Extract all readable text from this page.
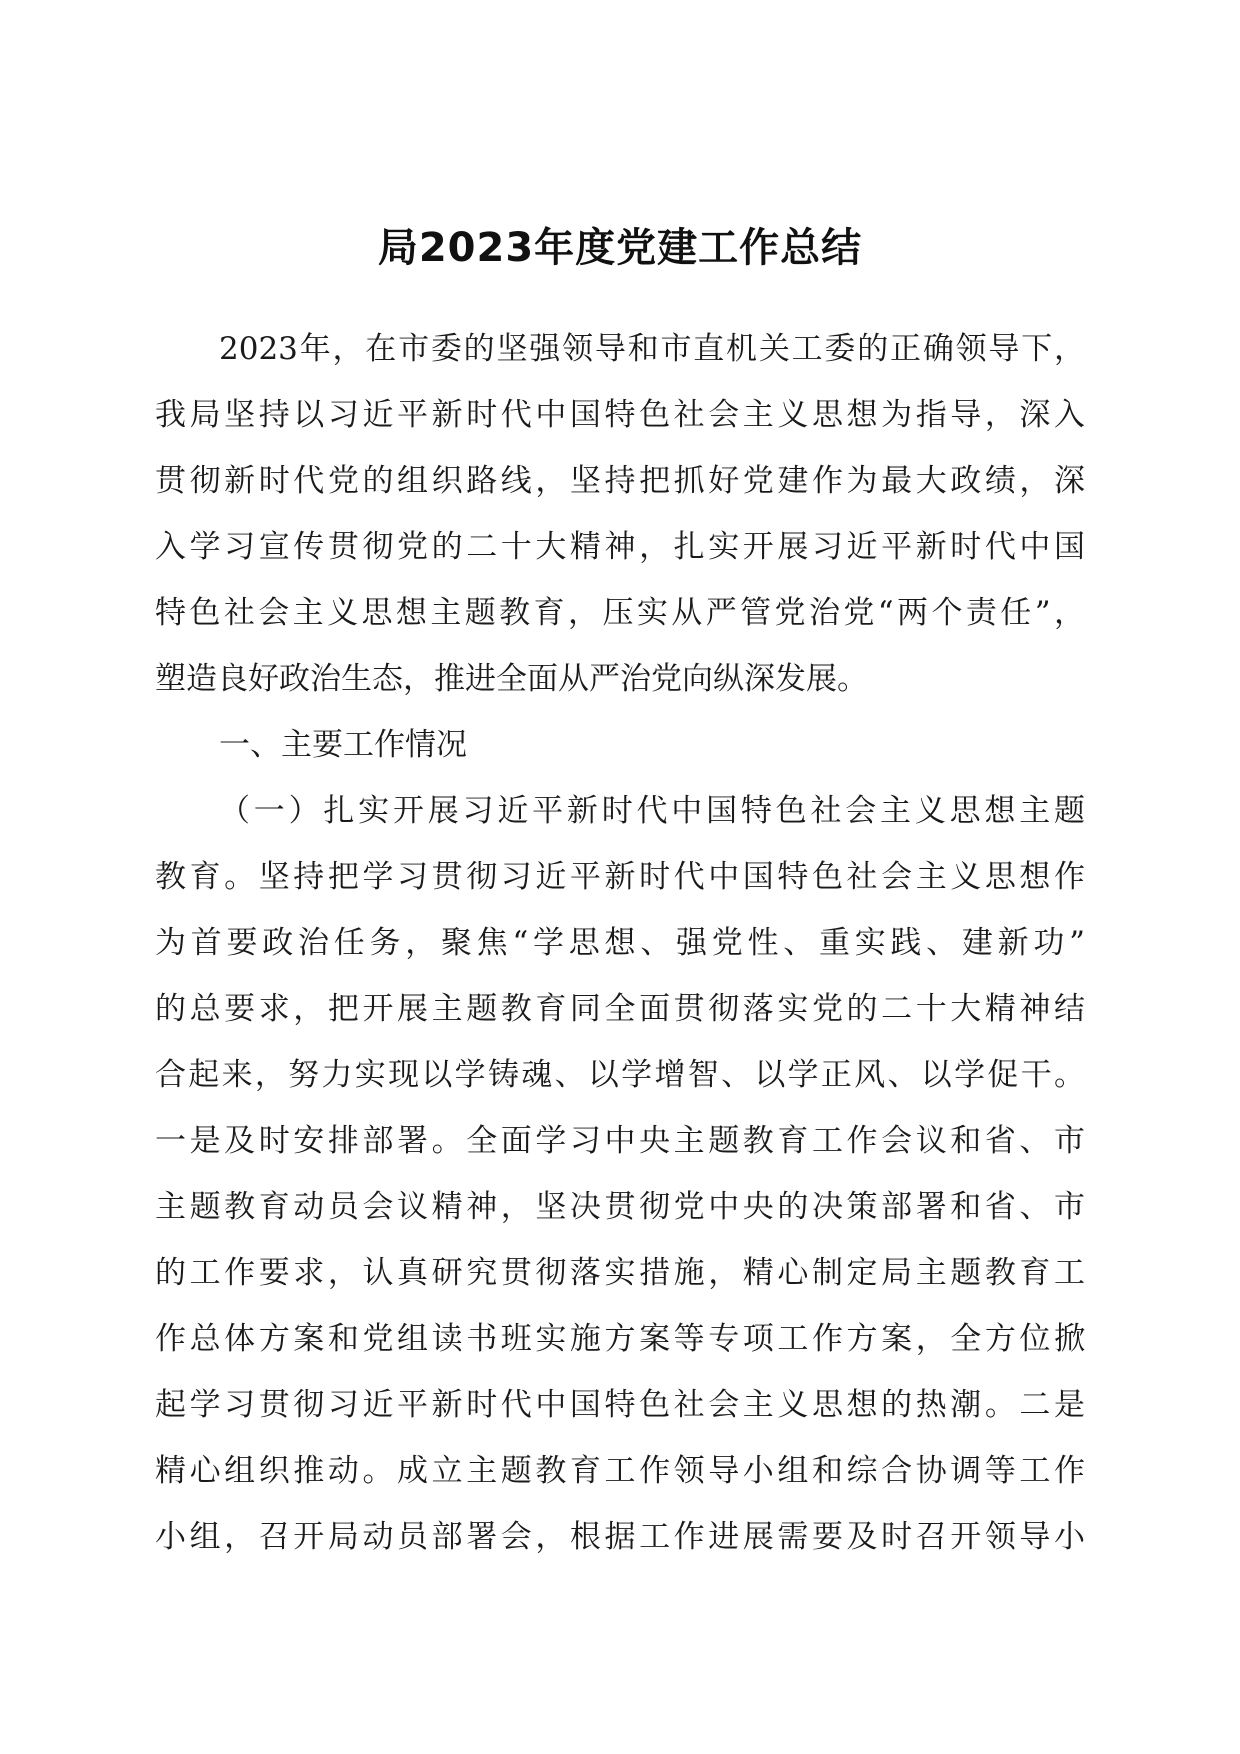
局2023年度党建工作总结
2023年，在市委的坚强领导和市直机关工委的正确领导下，
我局坚持以习近平新时代中国特色社会主义思想为指导，深入
贯彻新时代党的组织路线，坚持把抓好党建作为最大政绩，深
入学习宣传贯彻党的二十大精神，扎实开展习近平新时代中国
特色社会主义思想主题教育，压实从严管党治党“两个责任”，
塑造良好政治生态，推进全面从严治党向纵深发展。
一、主要工作情况
（一）扎实开展习近平新时代中国特色社会主义思想主题
教育。坚持把学习贯彻习近平新时代中国特色社会主义思想作
为首要政治任务，聚焦“学思想、强党性、重实践、建新功”
的总要求，把开展主题教育同全面贯彻落实党的二十大精神结
合起来，努力实现以学铸魂、以学增智、以学正风、以学促干。
一是及时安排部署。全面学习中央主题教育工作会议和省、市
主题教育动员会议精神，坚决贯彻党中央的决策部署和省、市
的工作要求，认真研究贯彻落实措施，精心制定局主题教育工
作总体方案和党组读书班实施方案等专项工作方案，全方位掀
起学习贯彻习近平新时代中国特色社会主义思想的热潮。二是
精心组织推动。成立主题教育工作领导小组和综合协调等工作
小组，召开局动员部署会，根据工作进展需要及时召开领导小
